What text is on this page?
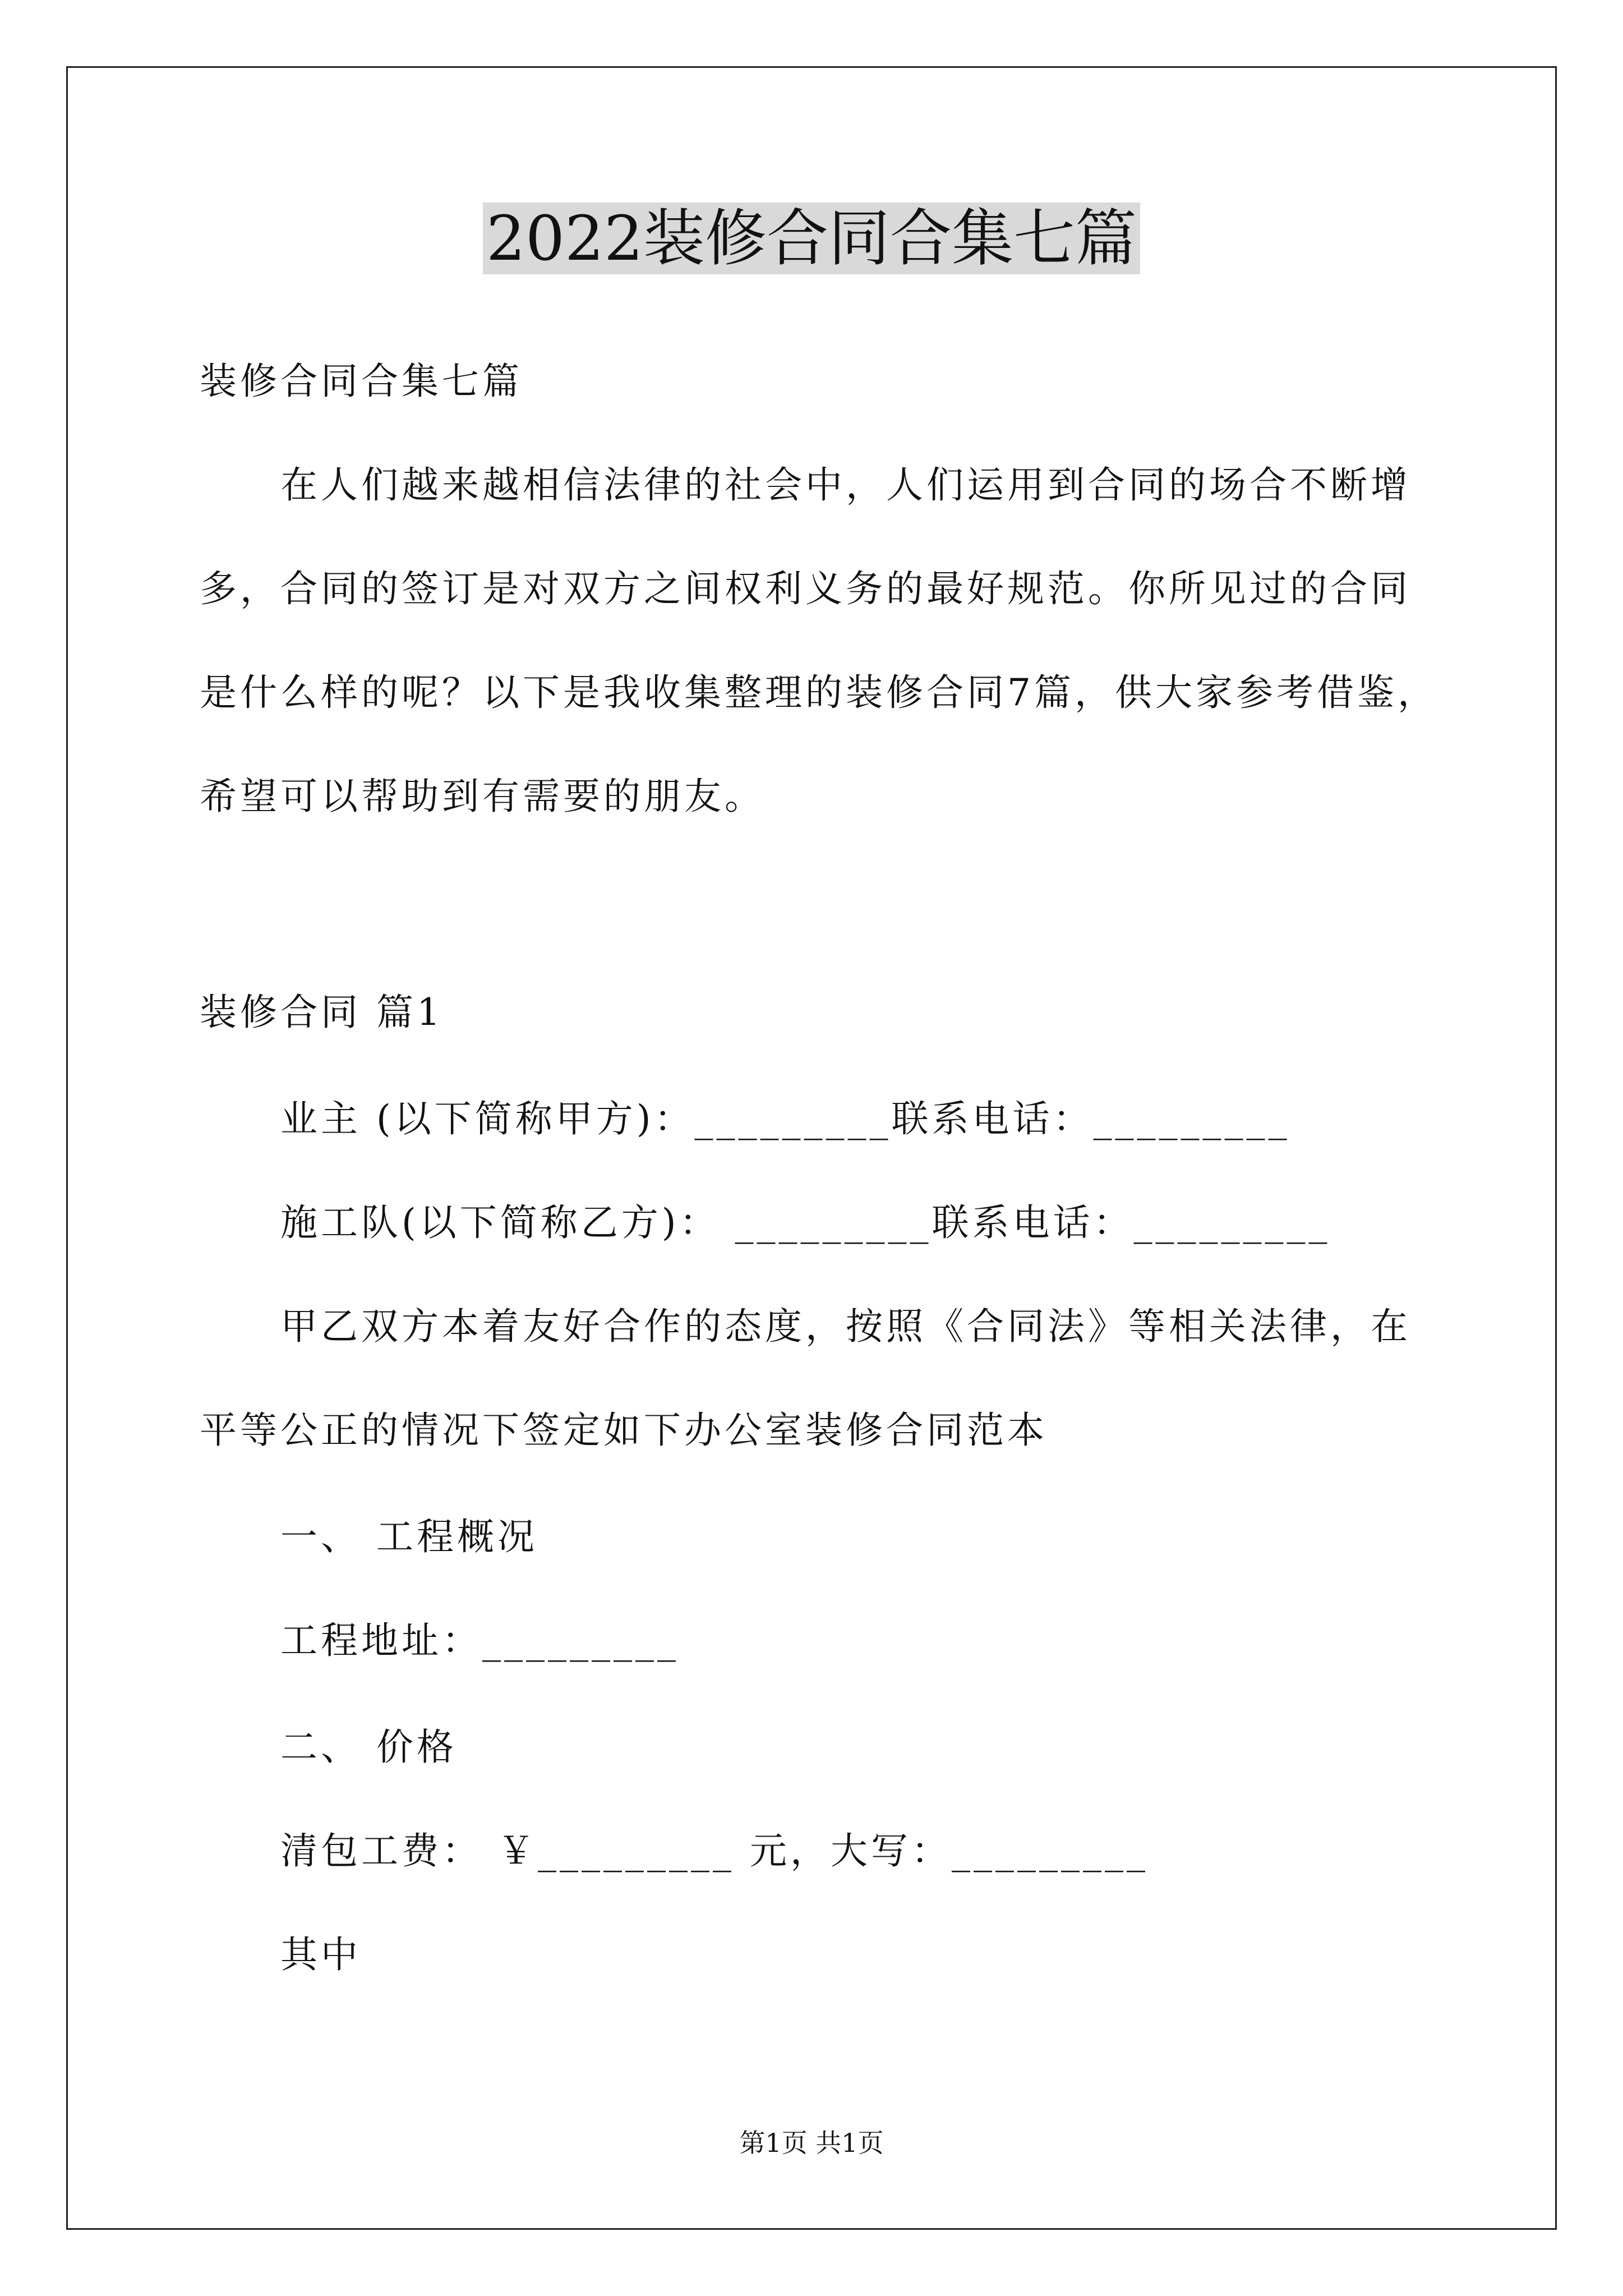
2022装修合同合集七篇
装修合同合集七篇
在人们越来越相信法律的社会中，人们运用到合同的场合不断增
多，合同的签订是对双方之间权利义务的最好规范。你所见过的合同
是什么样的呢？以下是我收集整理的装修合同7篇，供大家参考借鉴，
希望可以帮助到有需要的朋友。
装修合同 篇1
业主 (以下简称甲方)：_________联系电话：_________
施工队(以下简称乙方)： _________联系电话：_________
甲乙双方本着友好合作的态度，按照《合同法》等相关法律，在
平等公正的情况下签定如下办公室装修合同范本
一、 工程概况
工程地址：_________
二、 价格
清包工费： ￥_________ 元，大写：_________
其中
第1页 共1页
